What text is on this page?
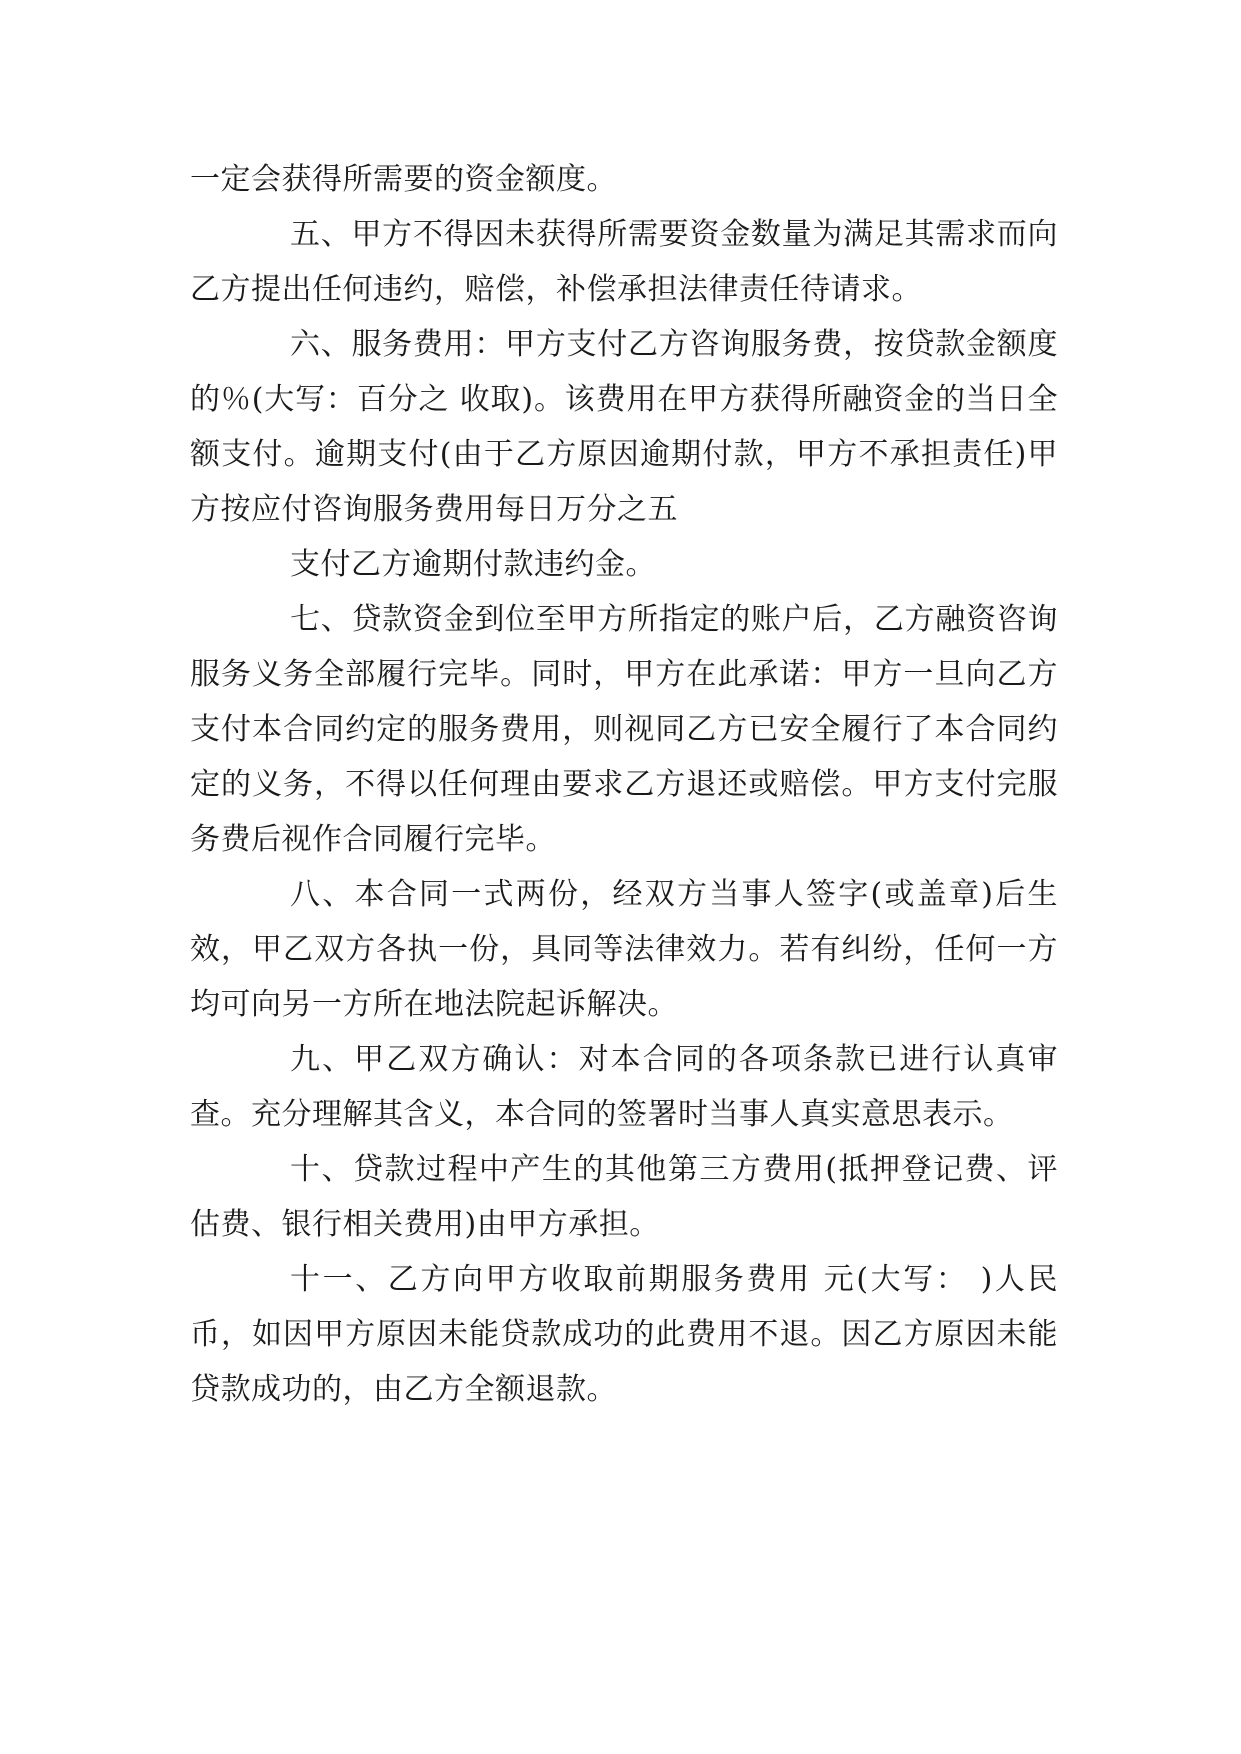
一定会获得所需要的资金额度。

五、甲方不得因未获得所需要资金数量为满足其需求而向乙方提出任何违约，赔偿，补偿承担法律责任待请求。

六、服务费用：甲方支付乙方咨询服务费，按贷款金额度的％(大写：百分之 收取)。该费用在甲方获得所融资金的当日全额支付。逾期支付(由于乙方原因逾期付款，甲方不承担责任)甲方按应付咨询服务费用每日万分之五

支付乙方逾期付款违约金。

七、贷款资金到位至甲方所指定的账户后，乙方融资咨询服务义务全部履行完毕。同时，甲方在此承诺：甲方一旦向乙方支付本合同约定的服务费用，则视同乙方已安全履行了本合同约定的义务，不得以任何理由要求乙方退还或赔偿。甲方支付完服务费后视作合同履行完毕。

八、本合同一式两份，经双方当事人签字(或盖章)后生效，甲乙双方各执一份，具同等法律效力。若有纠纷，任何一方均可向另一方所在地法院起诉解决。

九、甲乙双方确认：对本合同的各项条款已进行认真审查。充分理解其含义，本合同的签署时当事人真实意思表示。

十、贷款过程中产生的其他第三方费用(抵押登记费、评估费、银行相关费用)由甲方承担。

十一、乙方向甲方收取前期服务费用 元(大写： )人民币，如因甲方原因未能贷款成功的此费用不退。因乙方原因未能贷款成功的，由乙方全额退款。
